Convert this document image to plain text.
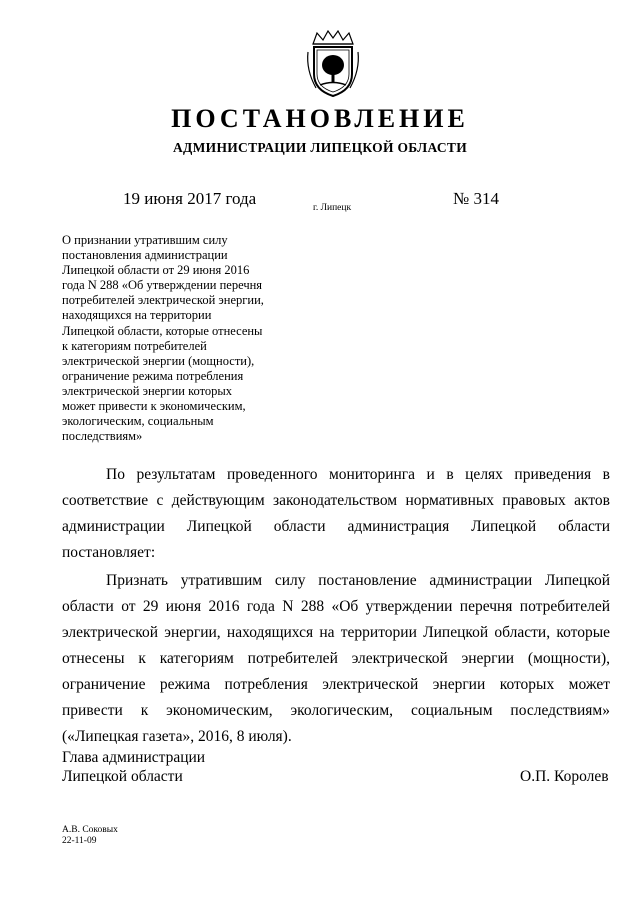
ПОСТАНОВЛЕНИЕ
АДМИНИСТРАЦИИ ЛИПЕЦКОЙ ОБЛАСТИ
19 июня 2017 года	г. Липецк	№ 314
О признании утратившим силу
постановления администрации
Липецкой области от 29 июня 2016
года N 288 «Об утверждении перечня
потребителей электрической энергии,
находящихся на территории
Липецкой области, которые отнесены
к категориям потребителей
электрической энергии (мощности),
ограничение режима потребления
электрической энергии которых
может привести к экономическим,
экологическим, социальным
последствиям»

По результатам проведенного мониторинга и в целях приведения в соответствие с действующим законодательством нормативных правовых актов администрации Липецкой области администрация Липецкой области постановляет:

Признать утратившим силу постановление администрации Липецкой области от 29 июня 2016 года N 288 «Об утверждении перечня потребителей электрической энергии, находящихся на территории Липецкой области, которые отнесены к категориям потребителей электрической энергии (мощности), ограничение режима потребления электрической энергии которых может привести к экономическим, экологическим, социальным последствиям» («Липецкая газета», 2016, 8 июля).

Глава администрации
Липецкой области	О.П. Королев
А.В. Соковых
22-11-09
